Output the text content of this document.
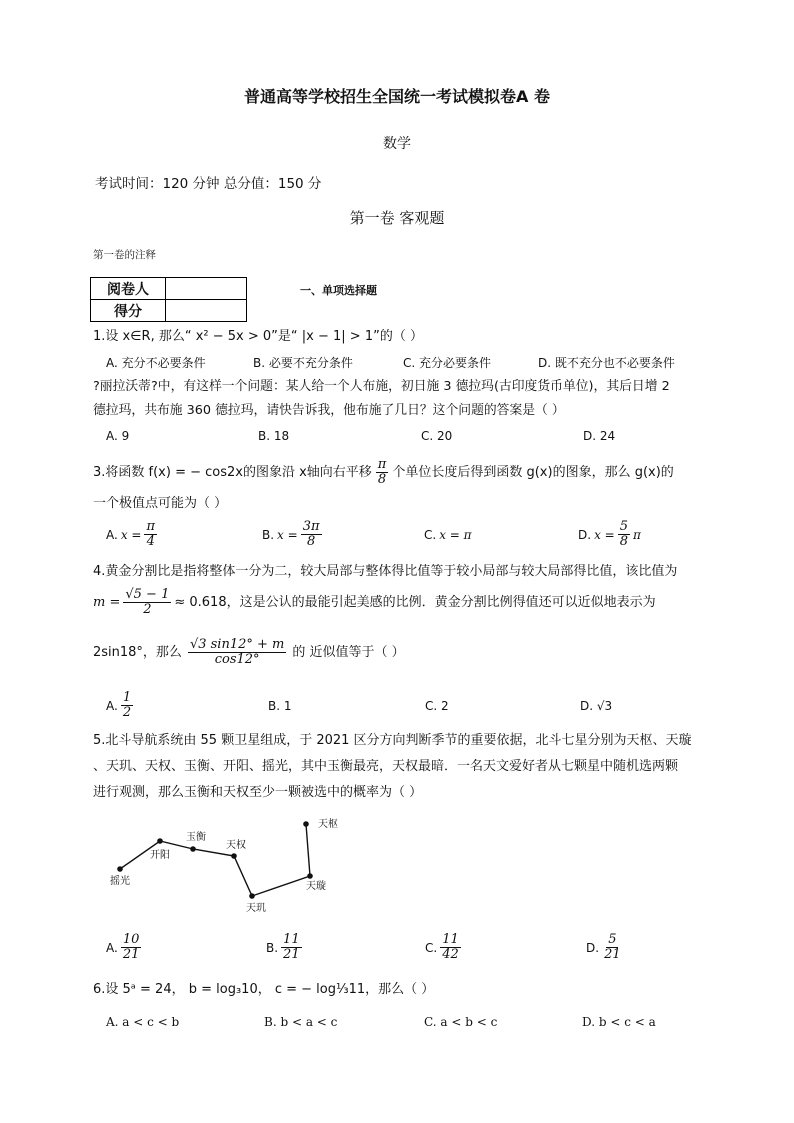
普通高等学校招生全国统一考试模拟卷A 卷
数学
考试时间：120 分钟 总分值：150 分
第一卷 客观题
第一卷的注释
阅卷人	
得分	
一、单项选择题
1.设 x∈R, 那么“ x² − 5x > 0”是“ |x − 1| > 1”的（ ）
A. 充分不必要条件	B. 必要不充分条件	C. 充分必要条件	D. 既不充分也不必要条件
?丽拉沃蒂?中，有这样一个问题：某人给一个人布施，初日施 3 德拉玛(古印度货币单位)，其后日增 2
德拉玛，共布施 360 德拉玛，请快告诉我，他布施了几日？这个问题的答案是（ ）
A. 9	B. 18	C. 20	D. 24
3.将函数 f(x) = − cos2x的图象沿 x轴向右平移 $\frac{\pi}{8}$ 个单位长度后得到函数 g(x)的图象，那么 g(x)的
一个极值点可能为（ ）
A. $x = \frac{\pi}{4}$	B. $x = \frac{3\pi}{8}$	C. x = π	D. $x = \frac{5}{8}$ π
4.黄金分割比是指将整体一分为二，较大局部与整体得比值等于较小局部与较大局部得比值，该比值为
$m = \frac{√5 - 1}{2} \approx 0.618$，这是公认的最能引起美感的比例．黄金分割比例得值还可以近似地表示为
2sin18°，那么 $\frac{√3 \sin 12^\circ + m}{\cos 12^\circ}$ 的 近似值等于（ ）
A. $\frac{1}{2}$	B. 1	C. 2	D. √3
5.北斗导航系统由 55 颗卫星组成，于 2021 区分方向判断季节的重要依据，北斗七星分别为天枢、天璇
、天玑、天权、玉衡、开阳、摇光，其中玉衡最亮，天权最暗．一名天文爱好者从七颗星中随机选两颗
进行观测，那么玉衡和天权至少一颗被选中的概率为（ ）
摇光
开阳
玉衡
天权
天玑
天璇
天枢
A. $\frac{10}{21}$	B. $\frac{11}{21}$	C. $\frac{11}{42}$	D. $\frac{5}{21}$
6.设 5ᵃ = 24， b = log₃10， c = − log⅓11，那么（ ）
A. a < c < b	B. b < a < c	C. a < b < c	D. b < c < a
